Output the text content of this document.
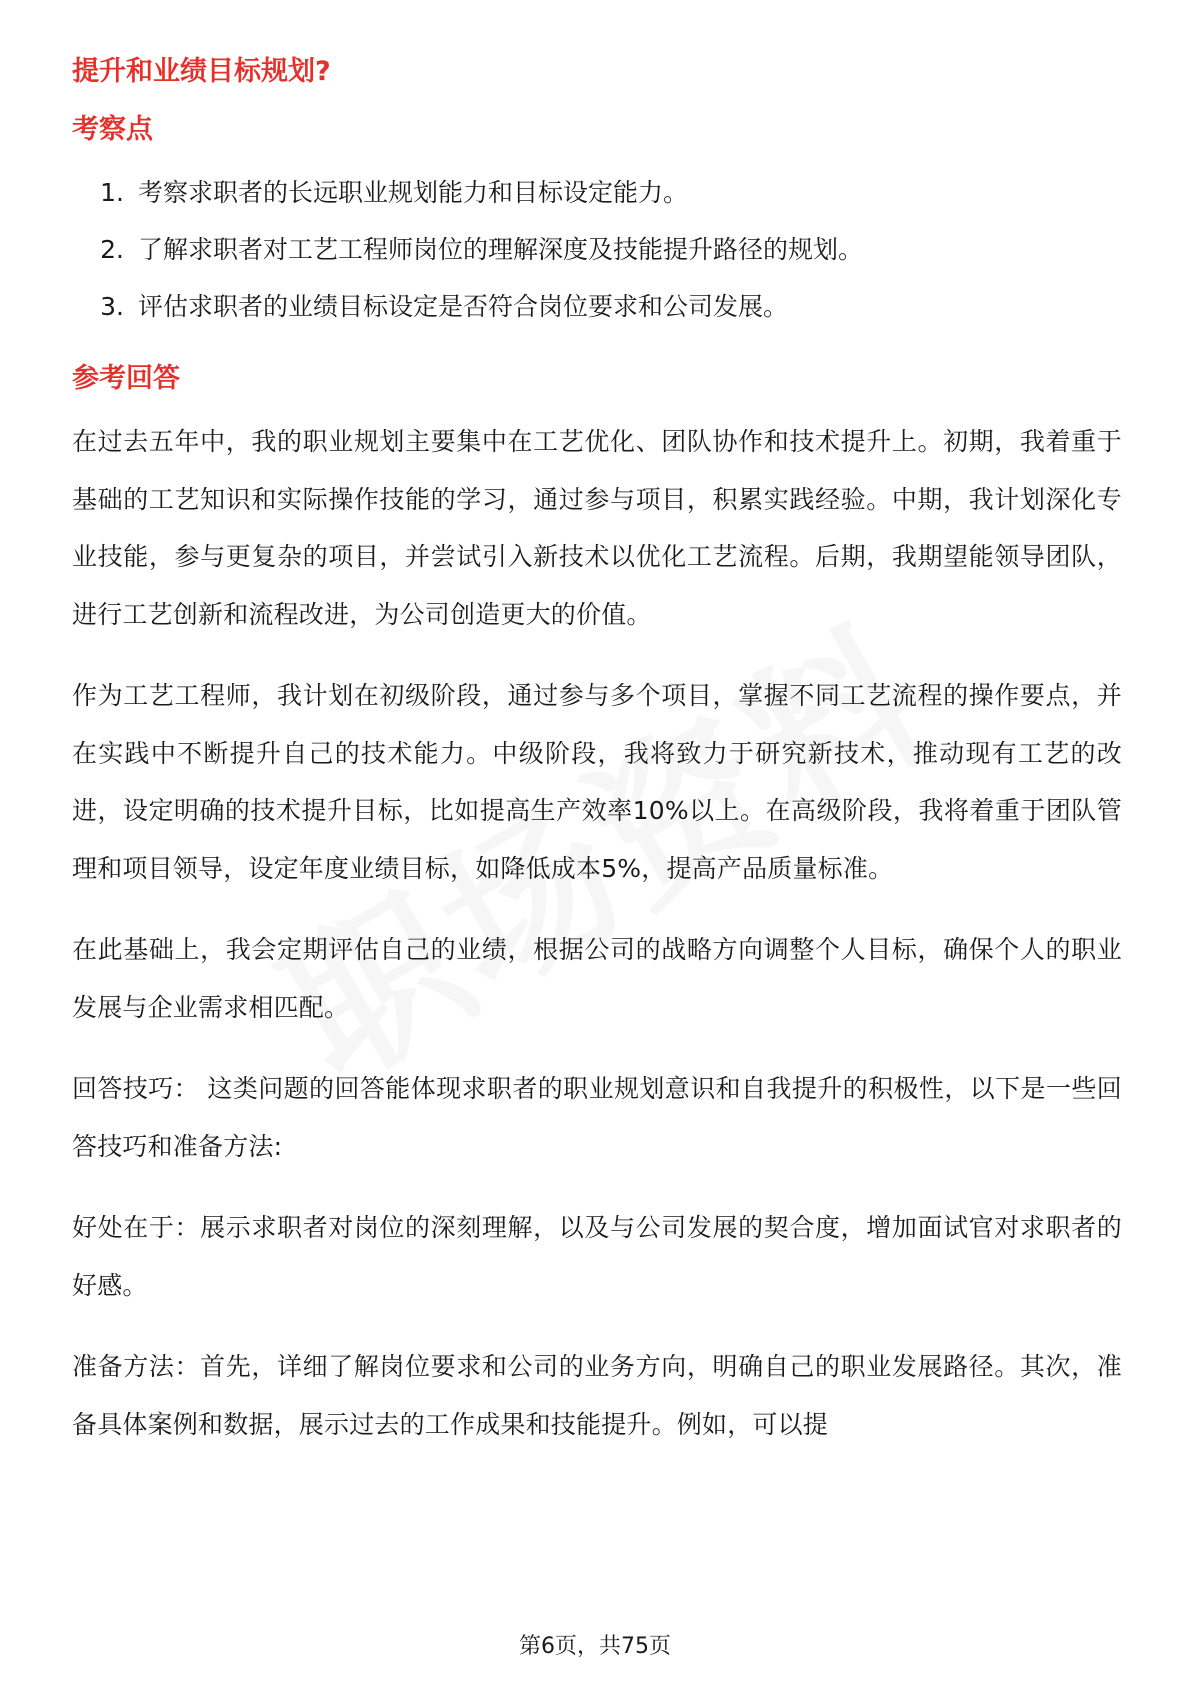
提升和业绩目标规划?
考察点
1. 考察求职者的长远职业规划能力和目标设定能力。
2. 了解求职者对工艺工程师岗位的理解深度及技能提升路径的规划。
3. 评估求职者的业绩目标设定是否符合岗位要求和公司发展。
参考回答

在过去五年中，我的职业规划主要集中在工艺优化、团队协作和技术提升上。初期，我着重于基础的工艺知识和实际操作技能的学习，通过参与项目，积累实践经验。中期，我计划深化专业技能，参与更复杂的项目，并尝试引入新技术以优化工艺流程。后期，我期望能领导团队，进行工艺创新和流程改进，为公司创造更大的价值。

作为工艺工程师，我计划在初级阶段，通过参与多个项目，掌握不同工艺流程的操作要点，并在实践中不断提升自己的技术能力。中级阶段，我将致力于研究新技术，推动现有工艺的改进，设定明确的技术提升目标，比如提高生产效率10%以上。在高级阶段，我将着重于团队管理和项目领导，设定年度业绩目标，如降低成本5%，提高产品质量标准。

在此基础上，我会定期评估自己的业绩，根据公司的战略方向调整个人目标，确保个人的职业发展与企业需求相匹配。

回答技巧： 这类问题的回答能体现求职者的职业规划意识和自我提升的积极性，以下是一些回答技巧和准备方法:

好处在于：展示求职者对岗位的深刻理解，以及与公司发展的契合度，增加面试官对求职者的好感。

准备方法：首先，详细了解岗位要求和公司的业务方向，明确自己的职业发展路径。其次，准备具体案例和数据，展示过去的工作成果和技能提升。例如，可以提

第6页，共75页
